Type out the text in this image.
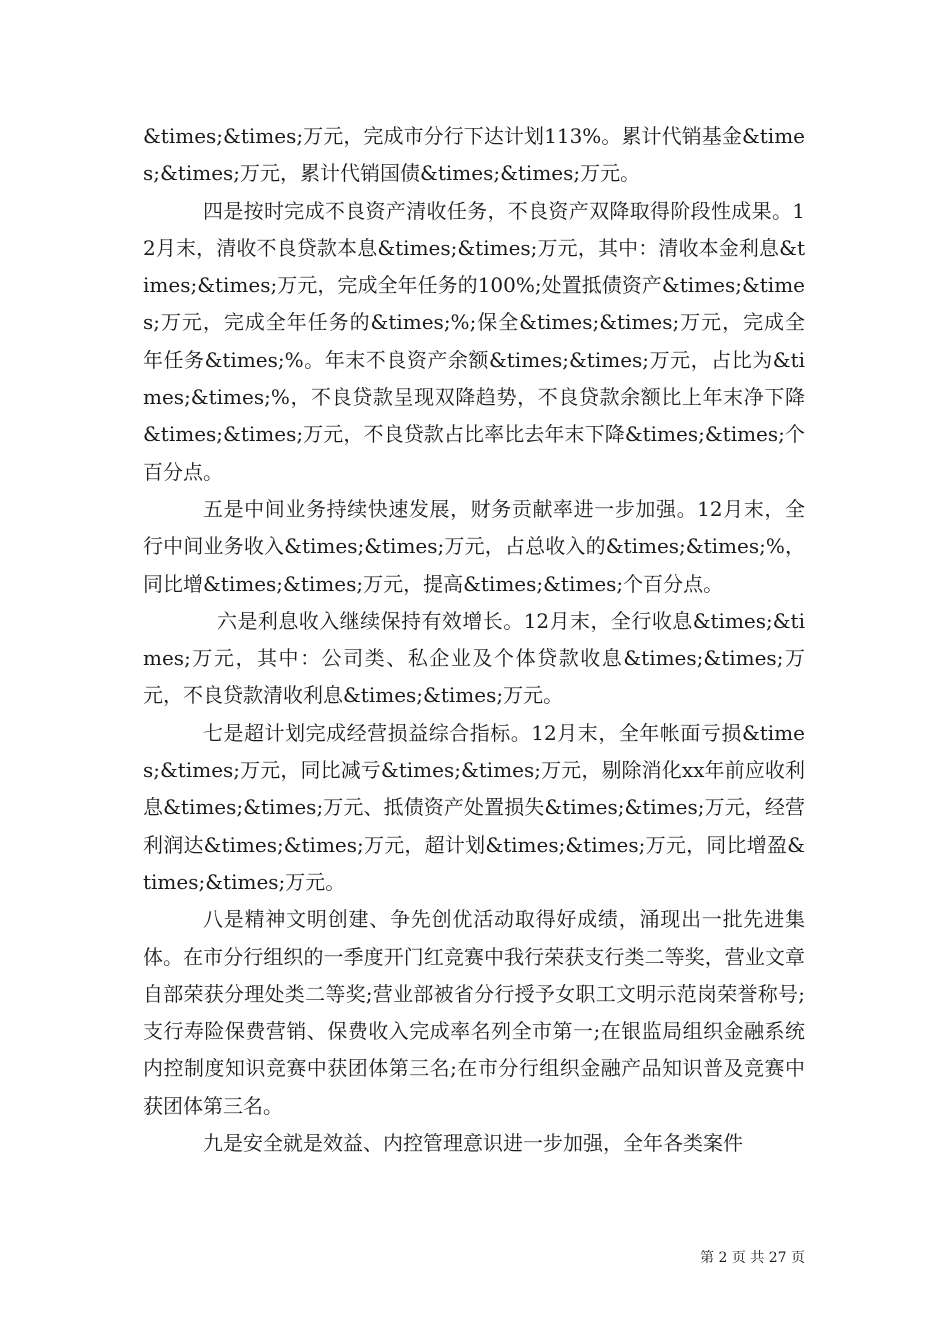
&times;&times;万元，完成市分行下达计划113%。累计代销基金&times;&times;万元，累计代销国债&times;&times;万元。

四是按时完成不良资产清收任务，不良资产双降取得阶段性成果。12月末，清收不良贷款本息&times;&times;万元，其中：清收本金利息&times;&times;万元，完成全年任务的100%;处置抵债资产&times;&times;万元，完成全年任务的&times;%;保全&times;&times;万元，完成全年任务&times;%。年末不良资产余额&times;&times;万元，占比为&times;&times;%，不良贷款呈现双降趋势，不良贷款余额比上年末净下降&times;&times;万元，不良贷款占比率比去年末下降&times;&times;个百分点。

五是中间业务持续快速发展，财务贡献率进一步加强。12月末，全行中间业务收入&times;&times;万元，占总收入的&times;&times;%，同比增&times;&times;万元，提高&times;&times;个百分点。

六是利息收入继续保持有效增长。12月末，全行收息&times;&times;万元，其中：公司类、私企业及个体贷款收息&times;&times;万元，不良贷款清收利息&times;&times;万元。

七是超计划完成经营损益综合指标。12月末，全年帐面亏损&times;&times;万元，同比减亏&times;&times;万元，剔除消化xx年前应收利息&times;&times;万元、抵债资产处置损失&times;&times;万元，经营利润达&times;&times;万元，超计划&times;&times;万元，同比增盈&times;&times;万元。

八是精神文明创建、争先创优活动取得好成绩，涌现出一批先进集体。在市分行组织的一季度开门红竞赛中我行荣获支行类二等奖，营业文章自部荣获分理处类二等奖;营业部被省分行授予女职工文明示范岗荣誉称号;支行寿险保费营销、保费收入完成率名列全市第一;在银监局组织金融系统内控制度知识竞赛中获团体第三名;在市分行组织金融产品知识普及竞赛中获团体第三名。

九是安全就是效益、内控管理意识进一步加强，全年各类案件

第 2 页 共 27 页
